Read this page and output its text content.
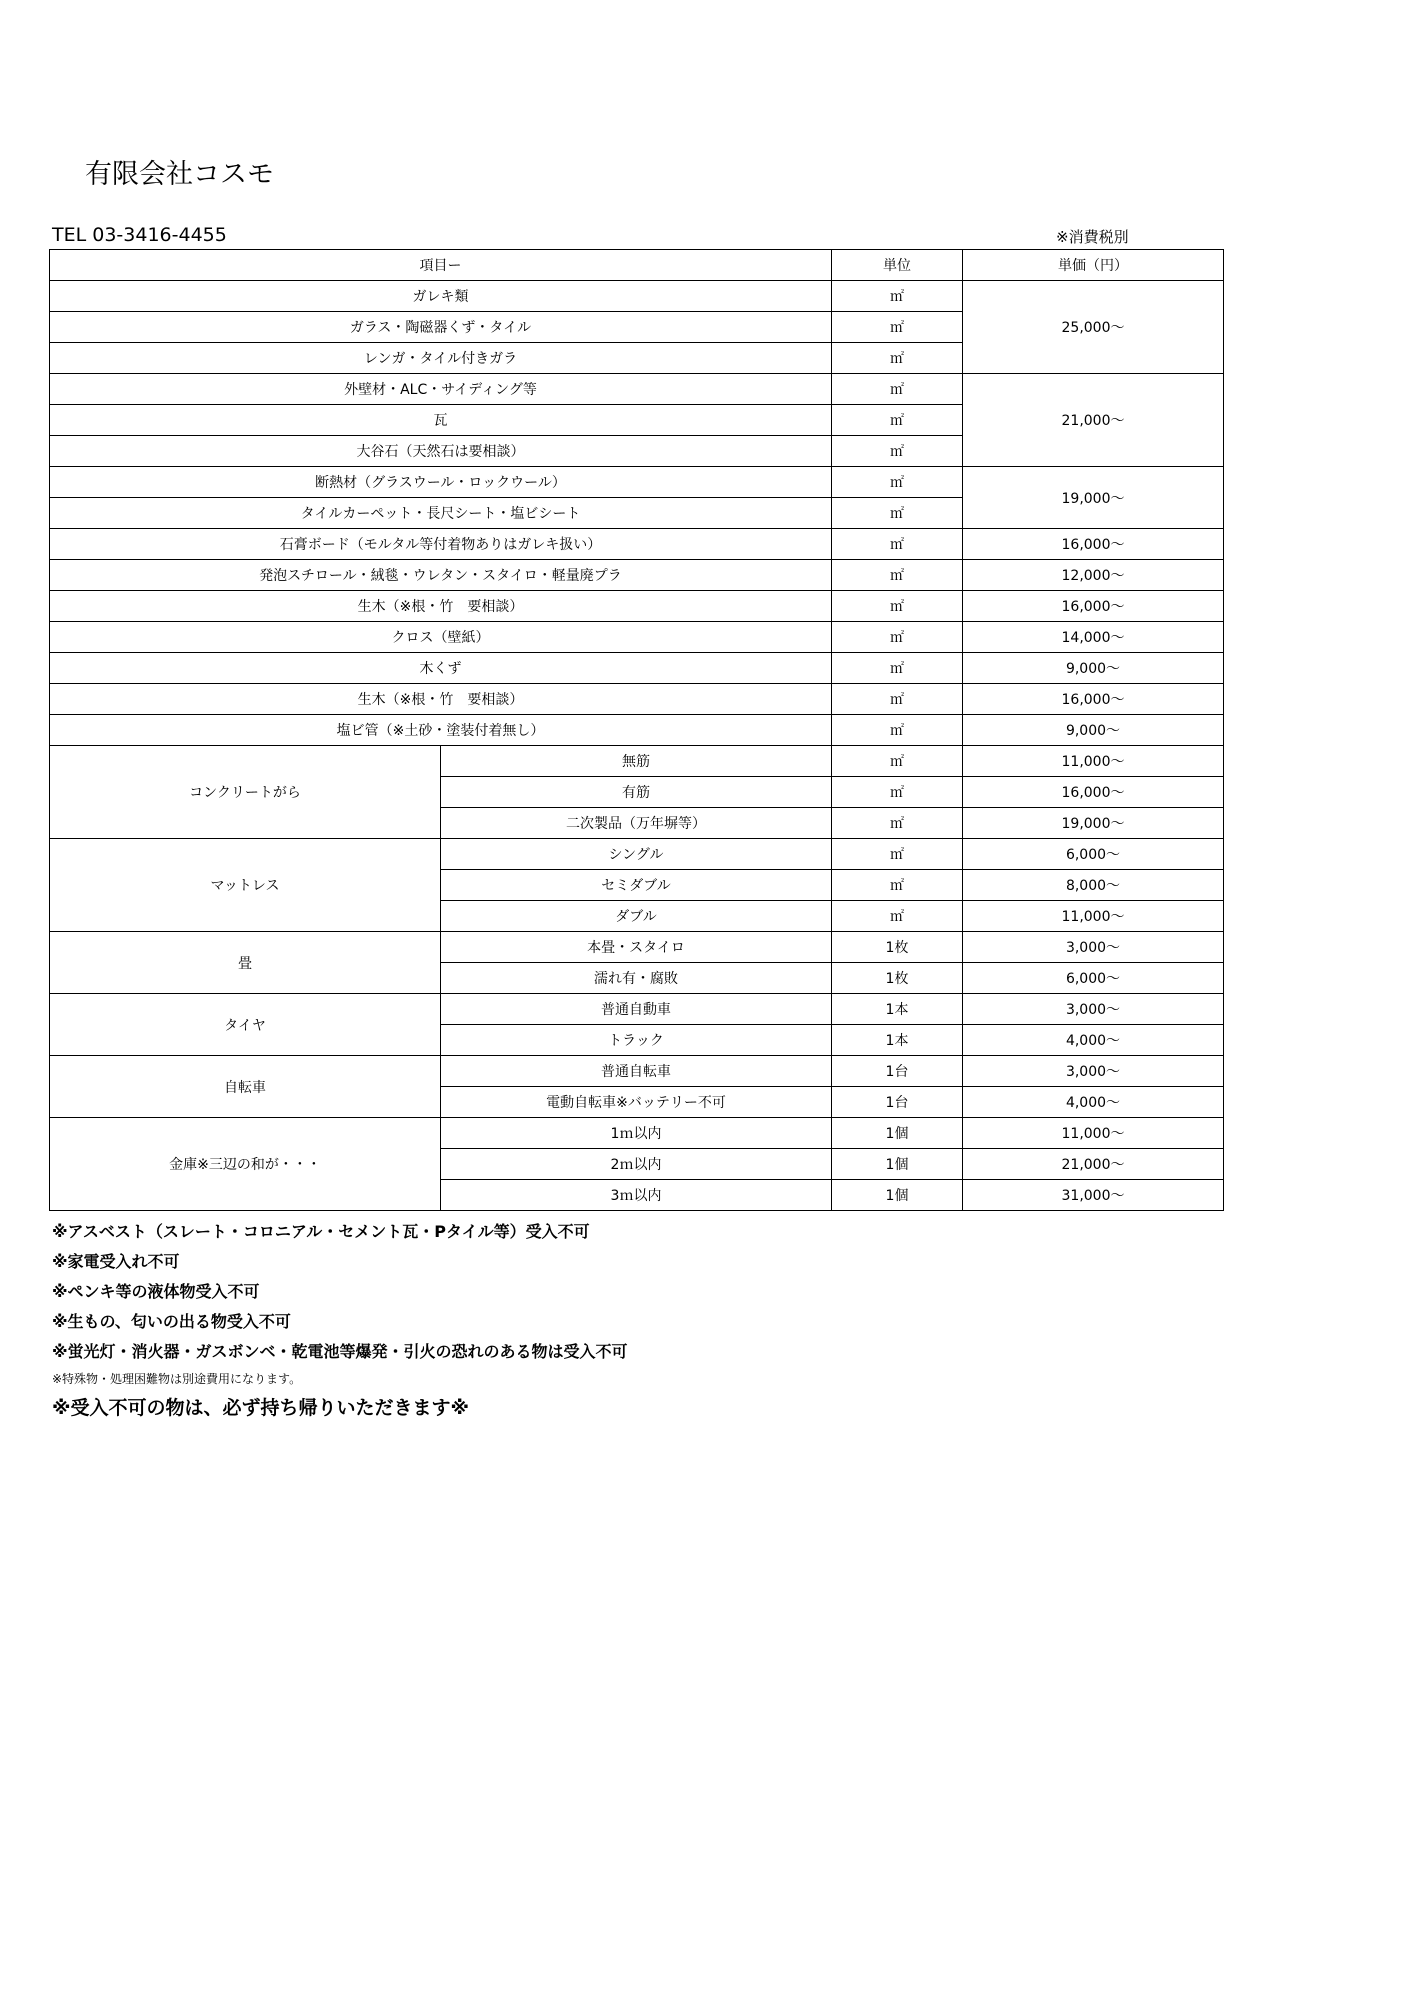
有限会社コスモ
TEL 03-3416-4455	※消費税別
項目ー		単位	単価（円）
ガレキ類		㎡	25,000〜
ガラス・陶磁器くず・タイル		㎡	
レンガ・タイル付きガラ		㎡	
外壁材・ALC・サイディング等		㎡	21,000〜
瓦		㎡	
大谷石（天然石は要相談）		㎡	
断熱材（グラスウール・ロックウール）		㎡	19,000〜
タイルカーペット・長尺シート・塩ビシート		㎡	
石膏ボード（モルタル等付着物ありはガレキ扱い）		㎡	16,000〜
発泡スチロール・絨毯・ウレタン・スタイロ・軽量廃プラ		㎡	12,000〜
生木（※根・竹　要相談）		㎡	16,000〜
クロス（壁紙）		㎡	14,000〜
木くず		㎡	9,000〜
生木（※根・竹　要相談）		㎡	16,000〜
塩ビ管（※土砂・塗装付着無し）		㎡	9,000〜
コンクリートがら	無筋	㎡	11,000〜
	有筋	㎡	16,000〜
	二次製品（万年塀等）	㎡	19,000〜
マットレス	シングル	㎡	6,000〜
	セミダブル	㎡	8,000〜
	ダブル	㎡	11,000〜
畳	本畳・スタイロ	1枚	3,000〜
	濡れ有・腐敗	1枚	6,000〜
タイヤ	普通自動車	1本	3,000〜
	トラック	1本	4,000〜
自転車	普通自転車	1台	3,000〜
	電動自転車※バッテリー不可	1台	4,000〜
金庫※三辺の和が・・・	1ｍ以内	1個	11,000〜
	2ｍ以内	1個	21,000〜
	3ｍ以内	1個	31,000〜
※アスベスト（スレート・コロニアル・セメント瓦・Pタイル等）受入不可
※家電受入れ不可
※ペンキ等の液体物受入不可
※生もの、匂いの出る物受入不可
※蛍光灯・消火器・ガスボンベ・乾電池等爆発・引火の恐れのある物は受入不可
※特殊物・処理困難物は別途費用になります。
※受入不可の物は、必ず持ち帰りいただきます※
